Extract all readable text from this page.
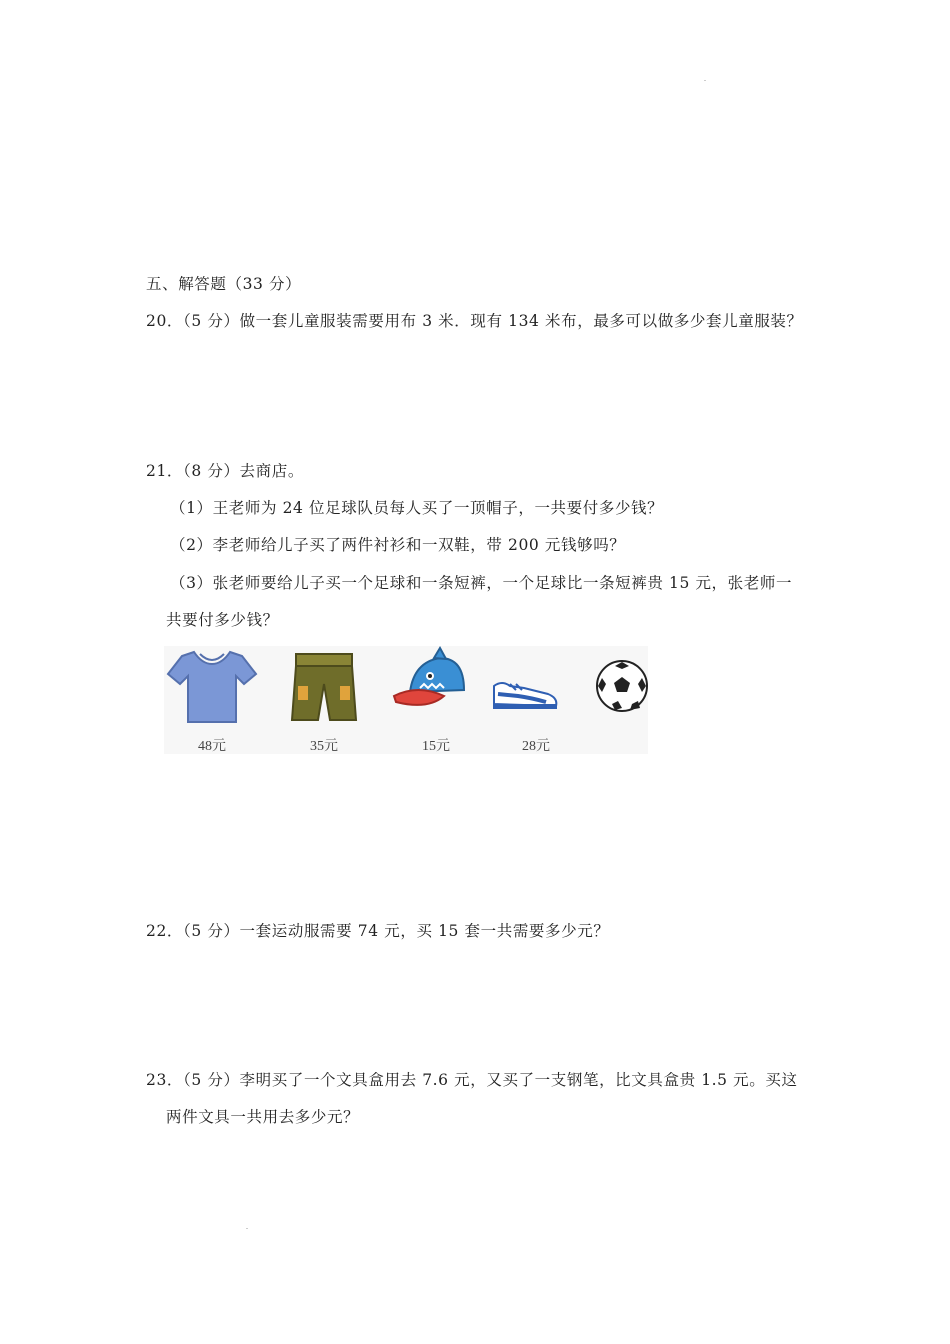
五、解答题（33 分）
20．（5 分）做一套儿童服装需要用布 3 米．现有 134 米布，最多可以做多少套儿童服装？
21．（8 分）去商店。
（1）王老师为 24 位足球队员每人买了一顶帽子，一共要付多少钱？
（2）李老师给儿子买了两件衬衫和一双鞋，带 200 元钱够吗？
（3）张老师要给儿子买一个足球和一条短裤，一个足球比一条短裤贵 15 元，张老师一
共要付多少钱？
48元	35元	15元	28元
22．（5 分）一套运动服需要 74 元，买 15 套一共需要多少元？
23．（5 分）李明买了一个文具盒用去 7.6 元，又买了一支钢笔，比文具盒贵 1.5 元。买这
两件文具一共用去多少元？
